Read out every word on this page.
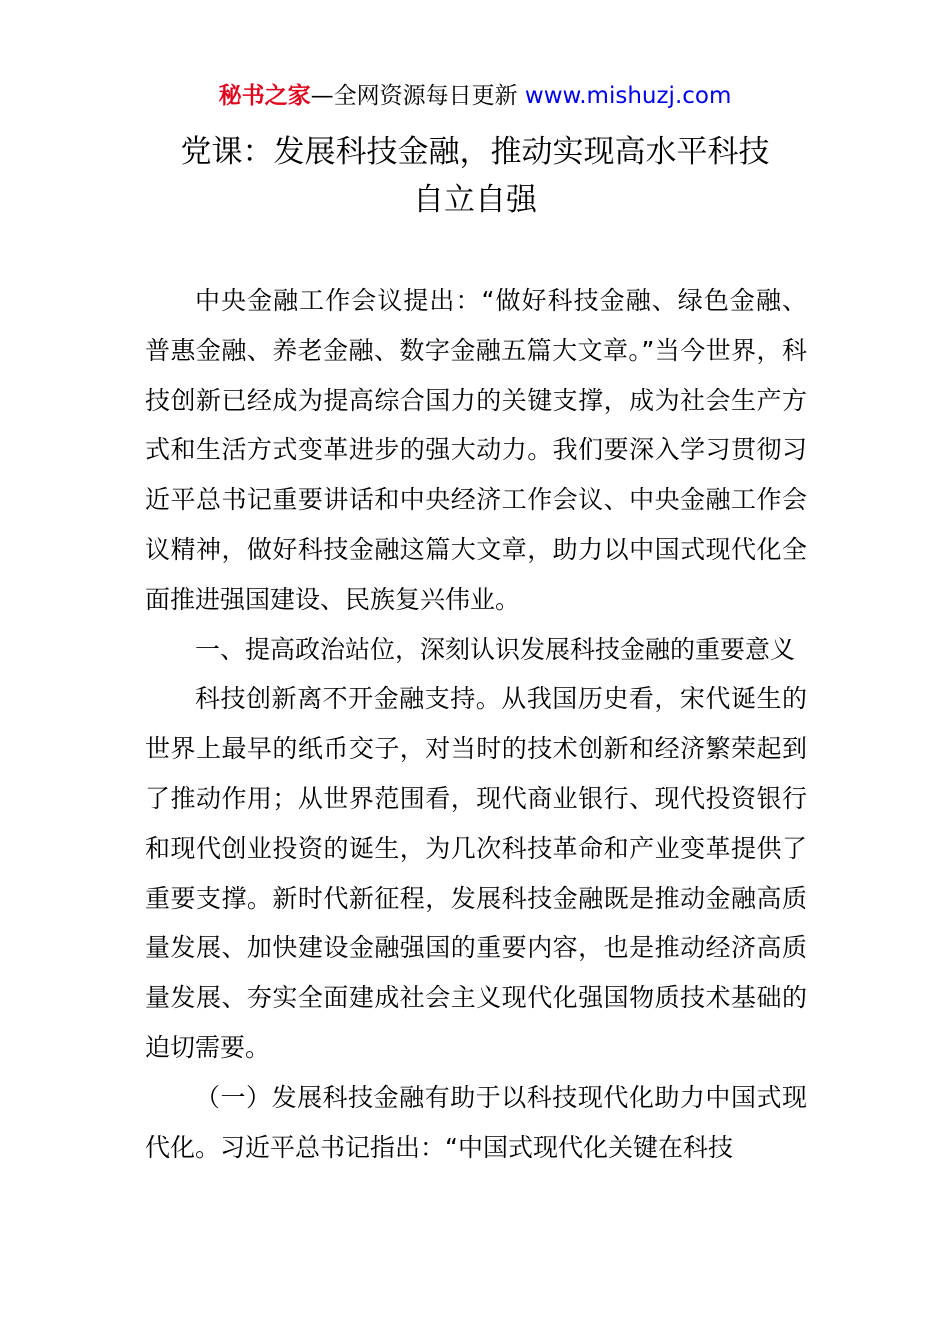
秘书之家—全网资源每日更新 www.mishuzj.com
党课：发展科技金融，推动实现高水平科技
自立自强

中央金融工作会议提出：“做好科技金融、绿色金融、普惠金融、养老金融、数字金融五篇大文章。”当今世界，科技创新已经成为提高综合国力的关键支撑，成为社会生产方式和生活方式变革进步的强大动力。我们要深入学习贯彻习近平总书记重要讲话和中央经济工作会议、中央金融工作会议精神，做好科技金融这篇大文章，助力以中国式现代化全面推进强国建设、民族复兴伟业。

一、提高政治站位，深刻认识发展科技金融的重要意义

科技创新离不开金融支持。从我国历史看，宋代诞生的世界上最早的纸币交子，对当时的技术创新和经济繁荣起到了推动作用；从世界范围看，现代商业银行、现代投资银行和现代创业投资的诞生，为几次科技革命和产业变革提供了重要支撑。新时代新征程，发展科技金融既是推动金融高质量发展、加快建设金融强国的重要内容，也是推动经济高质量发展、夯实全面建成社会主义现代化强国物质技术基础的迫切需要。

（一）发展科技金融有助于以科技现代化助力中国式现代化。习近平总书记指出：“中国式现代化关键在科技
